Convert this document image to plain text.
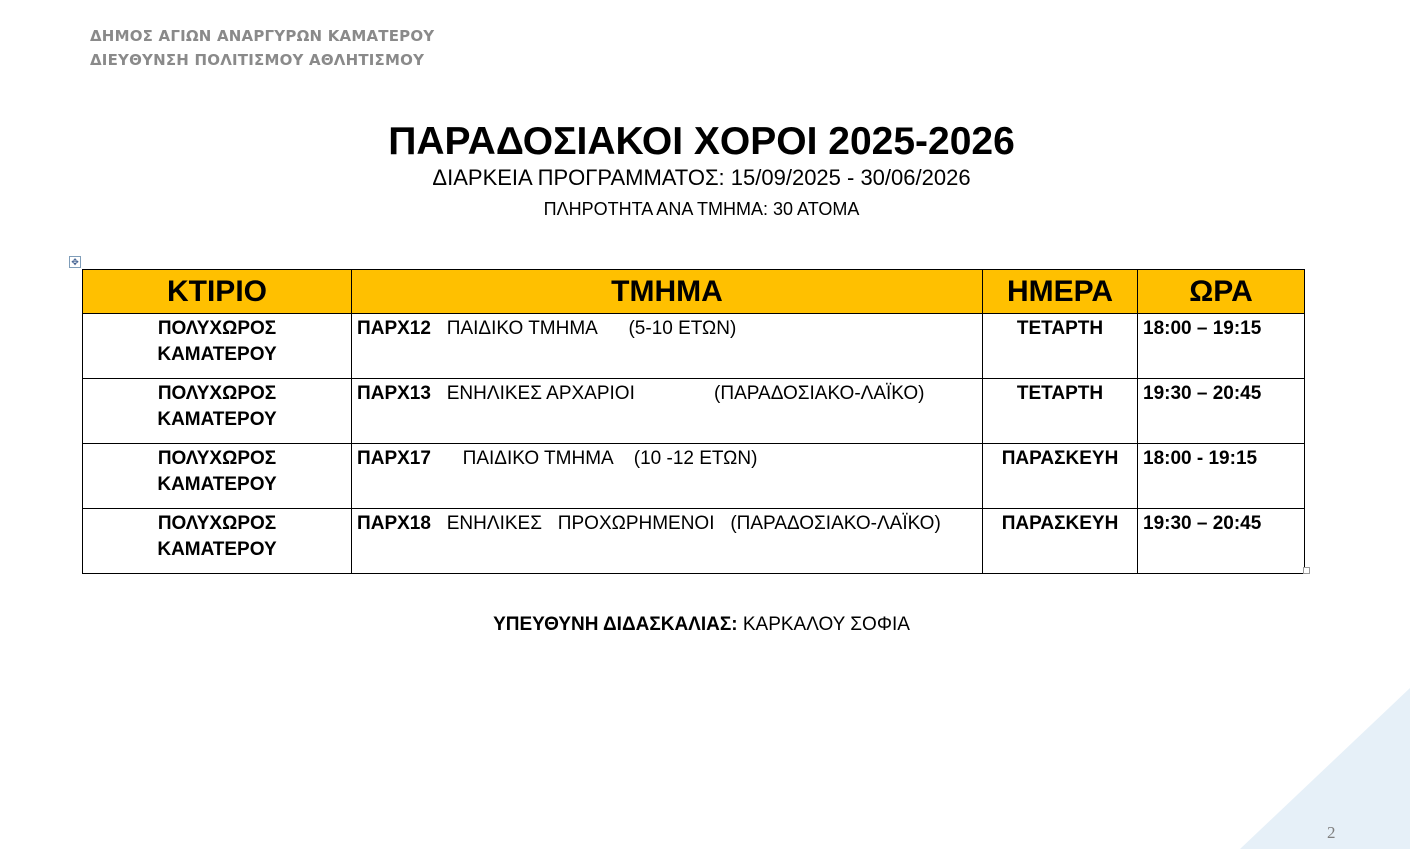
ΔΗΜΟΣ ΑΓΙΩΝ ΑΝΑΡΓΥΡΩΝ ΚΑΜΑΤΕΡΟΥ
ΔΙΕΥΘΥΝΣΗ ΠΟΛΙΤΙΣΜΟΥ ΑΘΛΗΤΙΣΜΟΥ
ΠΑΡΑΔΟΣΙΑΚΟΙ ΧΟΡΟΙ 2025-2026
ΔΙΑΡΚΕΙΑ ΠΡΟΓΡΑΜΜΑΤΟΣ: 15/09/2025 - 30/06/2026
ΠΛΗΡΟΤΗΤΑ ΑΝΑ ΤΜΗΜΑ: 30 ΑΤΟΜΑ
✥
ΚΤΙΡΙΟ	ΤΜΗΜΑ	ΗΜΕΡΑ	ΩΡΑ

ΠΟΛΥΧΩΡΟΣ
ΚΑΜΑΤΕΡΟΥ	ΠΑΡΧ12   ΠΑΙΔΙΚΟ ΤΜΗΜΑ      (5-10 ΕΤΩΝ)	ΤΕΤΑΡΤΗ	18:00 – 19:15

ΠΟΛΥΧΩΡΟΣ
ΚΑΜΑΤΕΡΟΥ	ΠΑΡΧ13   ΕΝΗΛΙΚΕΣ ΑΡΧΑΡΙΟΙ               (ΠΑΡΑΔΟΣΙΑΚΟ-ΛΑΪΚΟ)	ΤΕΤΑΡΤΗ	19:30 – 20:45

ΠΟΛΥΧΩΡΟΣ
ΚΑΜΑΤΕΡΟΥ	ΠΑΡΧ17      ΠΑΙΔΙΚΟ ΤΜΗΜΑ    (10 -12 ΕΤΩΝ)	ΠΑΡΑΣΚΕΥΗ	18:00 - 19:15

ΠΟΛΥΧΩΡΟΣ
ΚΑΜΑΤΕΡΟΥ	ΠΑΡΧ18   ΕΝΗΛΙΚΕΣ   ΠΡΟΧΩΡΗΜΕΝΟΙ   (ΠΑΡΑΔΟΣΙΑΚΟ-ΛΑΪΚΟ)	ΠΑΡΑΣΚΕΥΗ	19:30 – 20:45
ΥΠΕΥΘΥΝΗ ΔΙΔΑΣΚΑΛΙΑΣ: ΚΑΡΚΑΛΟΥ ΣΟΦΙΑ
2
